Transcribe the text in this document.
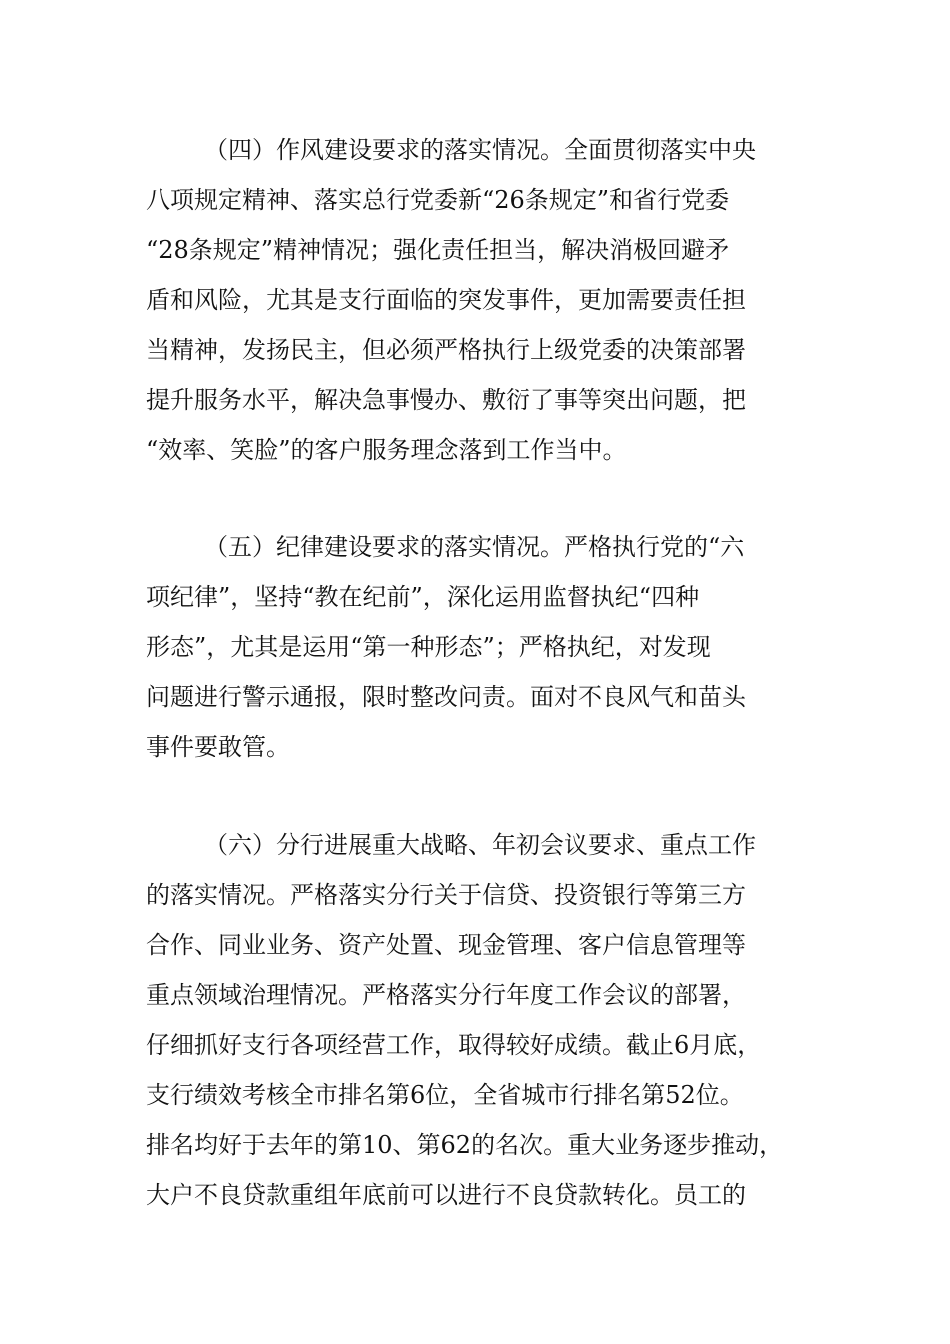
（四）作风建设要求的落实情况。全面贯彻落实中央
八项规定精神、落实总行党委新“26条规定”和省行党委
“28条规定”精神情况；强化责任担当，解决消极回避矛
盾和风险，尤其是支行面临的突发事件，更加需要责任担
当精神，发扬民主，但必须严格执行上级党委的决策部署
提升服务水平，解决急事慢办、敷衍了事等突出问题，把
“效率、笑脸”的客户服务理念落到工作当中。
（五）纪律建设要求的落实情况。严格执行党的“六
项纪律”，坚持“教在纪前”，深化运用监督执纪“四种
形态”，尤其是运用“第一种形态”；严格执纪，对发现
问题进行警示通报，限时整改问责。面对不良风气和苗头
事件要敢管。
（六）分行进展重大战略、年初会议要求、重点工作
的落实情况。严格落实分行关于信贷、投资银行等第三方
合作、同业业务、资产处置、现金管理、客户信息管理等
重点领域治理情况。严格落实分行年度工作会议的部署，
仔细抓好支行各项经营工作，取得较好成绩。截止6月底，
支行绩效考核全市排名第6位，全省城市行排名第52位。
排名均好于去年的第10、第62的名次。重大业务逐步推动，
大户不良贷款重组年底前可以进行不良贷款转化。员工的
